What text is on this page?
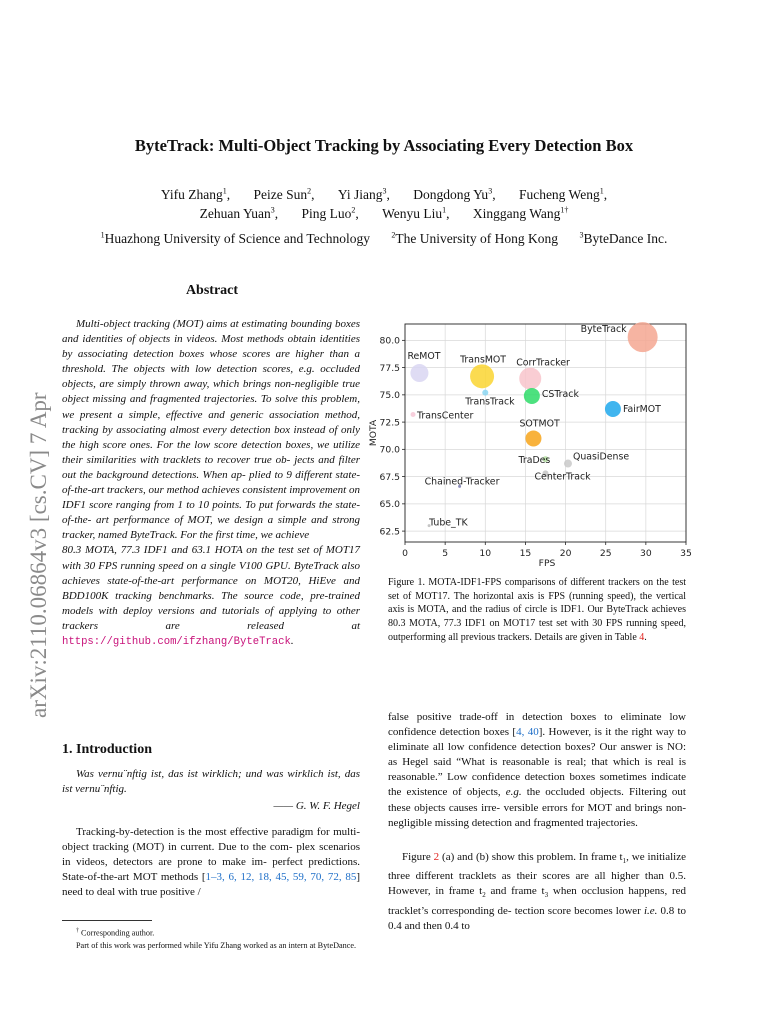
ByteTrack: Multi-Object Tracking by Associating Every Detection Box
Yifu Zhang$^1$, Peize Sun$^2$, Yi Jiang$^3$, Dongdong Yu$^3$, Fucheng Weng$^1$,
Zehuan Yuan$^3$, Ping Luo$^2$, Wenyu Liu$^1$, Xinggang Wang$^{1\dagger}$
$^1$Huazhong University of Science and Technology	$^2$The University of Hong Kong	$^3$ByteDance Inc.
arXiv:2110.06864v3 [cs.CV] 7 Apr
Abstract
Multi-object tracking (MOT) aims at estimating bounding boxes and identities of objects in videos. Most methods obtain identities by associating detection boxes whose scores are higher than a threshold. The objects with low detection scores, e.g. occluded objects, are simply thrown away, which brings non-negligible true object missing and fragmented trajectories. To solve this problem, we present a simple, effective and generic association method, tracking by associating almost every detection box instead of only the high score ones. For the low score detection boxes, we utilize their similarities with tracklets to recover true ob- jects and filter out the background detections. When ap- plied to 9 different state-of-the-art trackers, our method achieves consistent improvement on IDF1 score ranging from 1 to 10 points. To put forwards the state-of-the- art performance of MOT, we design a simple and strong tracker, named ByteTrack. For the first time, we achieve
80.3 MOTA, 77.3 IDF1 and 63.1 HOTA on the test set of MOT17 with 30 FPS running speed on a single V100 GPU. ByteTrack also achieves state-of-the-art performance on MOT20, HiEve and BDD100K tracking benchmarks. The source code, pre-trained models with deploy versions and tutorials of applying to other trackers are released at https://github.com/ifzhang/ByteTrack.
1. Introduction
Was vernu¨nftig ist, das ist wirklich; und was wirklich ist, das ist vernu¨nftig.
—— G. W. F. Hegel
Tracking-by-detection is the most effective paradigm for multi-object tracking (MOT) in current. Due to the com- plex scenarios in videos, detectors are prone to make im- perfect predictions. State-of-the-art MOT methods [1–3, 6, 12, 18, 45, 59, 70, 72, 85] need to deal with true positive /
† Corresponding author.
Part of this work was performed while Yifu Zhang worked as an intern at ByteDance.
0	5	10	15	20	25	30	35
62.5
65.0
67.5
70.0
72.5
75.0
77.5
80.0
ByteTrack
ReMOT TransMOT CorrTracker
CSTrack
TransTrack
FairMOT
TransCenter
SOTMOT
TraDes QuasiDense
Chained-Tracker	CenterTrack
Tube_TK
FPS
MOTA
Figure 1. MOTA-IDF1-FPS comparisons of different trackers on the test set of MOT17. The horizontal axis is FPS (running speed), the vertical axis is MOTA, and the radius of circle is IDF1. Our ByteTrack achieves 80.3 MOTA, 77.3 IDF1 on MOT17 test set with 30 FPS running speed, outperforming all previous trackers. Details are given in Table 4.
false positive trade-off in detection boxes to eliminate low confidence detection boxes [4, 40]. However, is it the right way to eliminate all low confidence detection boxes? Our answer is NO: as Hegel said “What is reasonable is real; that which is real is reasonable.” Low confidence detection boxes sometimes indicate the existence of objects, e.g. the occluded objects. Filtering out these objects causes irre- versible errors for MOT and brings non-negligible missing detection and fragmented trajectories.
Figure 2 (a) and (b) show this problem. In frame $t_1$, we initialize three different tracklets as their scores are all higher than 0.5. However, in frame $t_2$ and frame $t_3$ when occlusion happens, red tracklet’s corresponding de- tection score becomes lower i.e. 0.8 to 0.4 and then 0.4 to
